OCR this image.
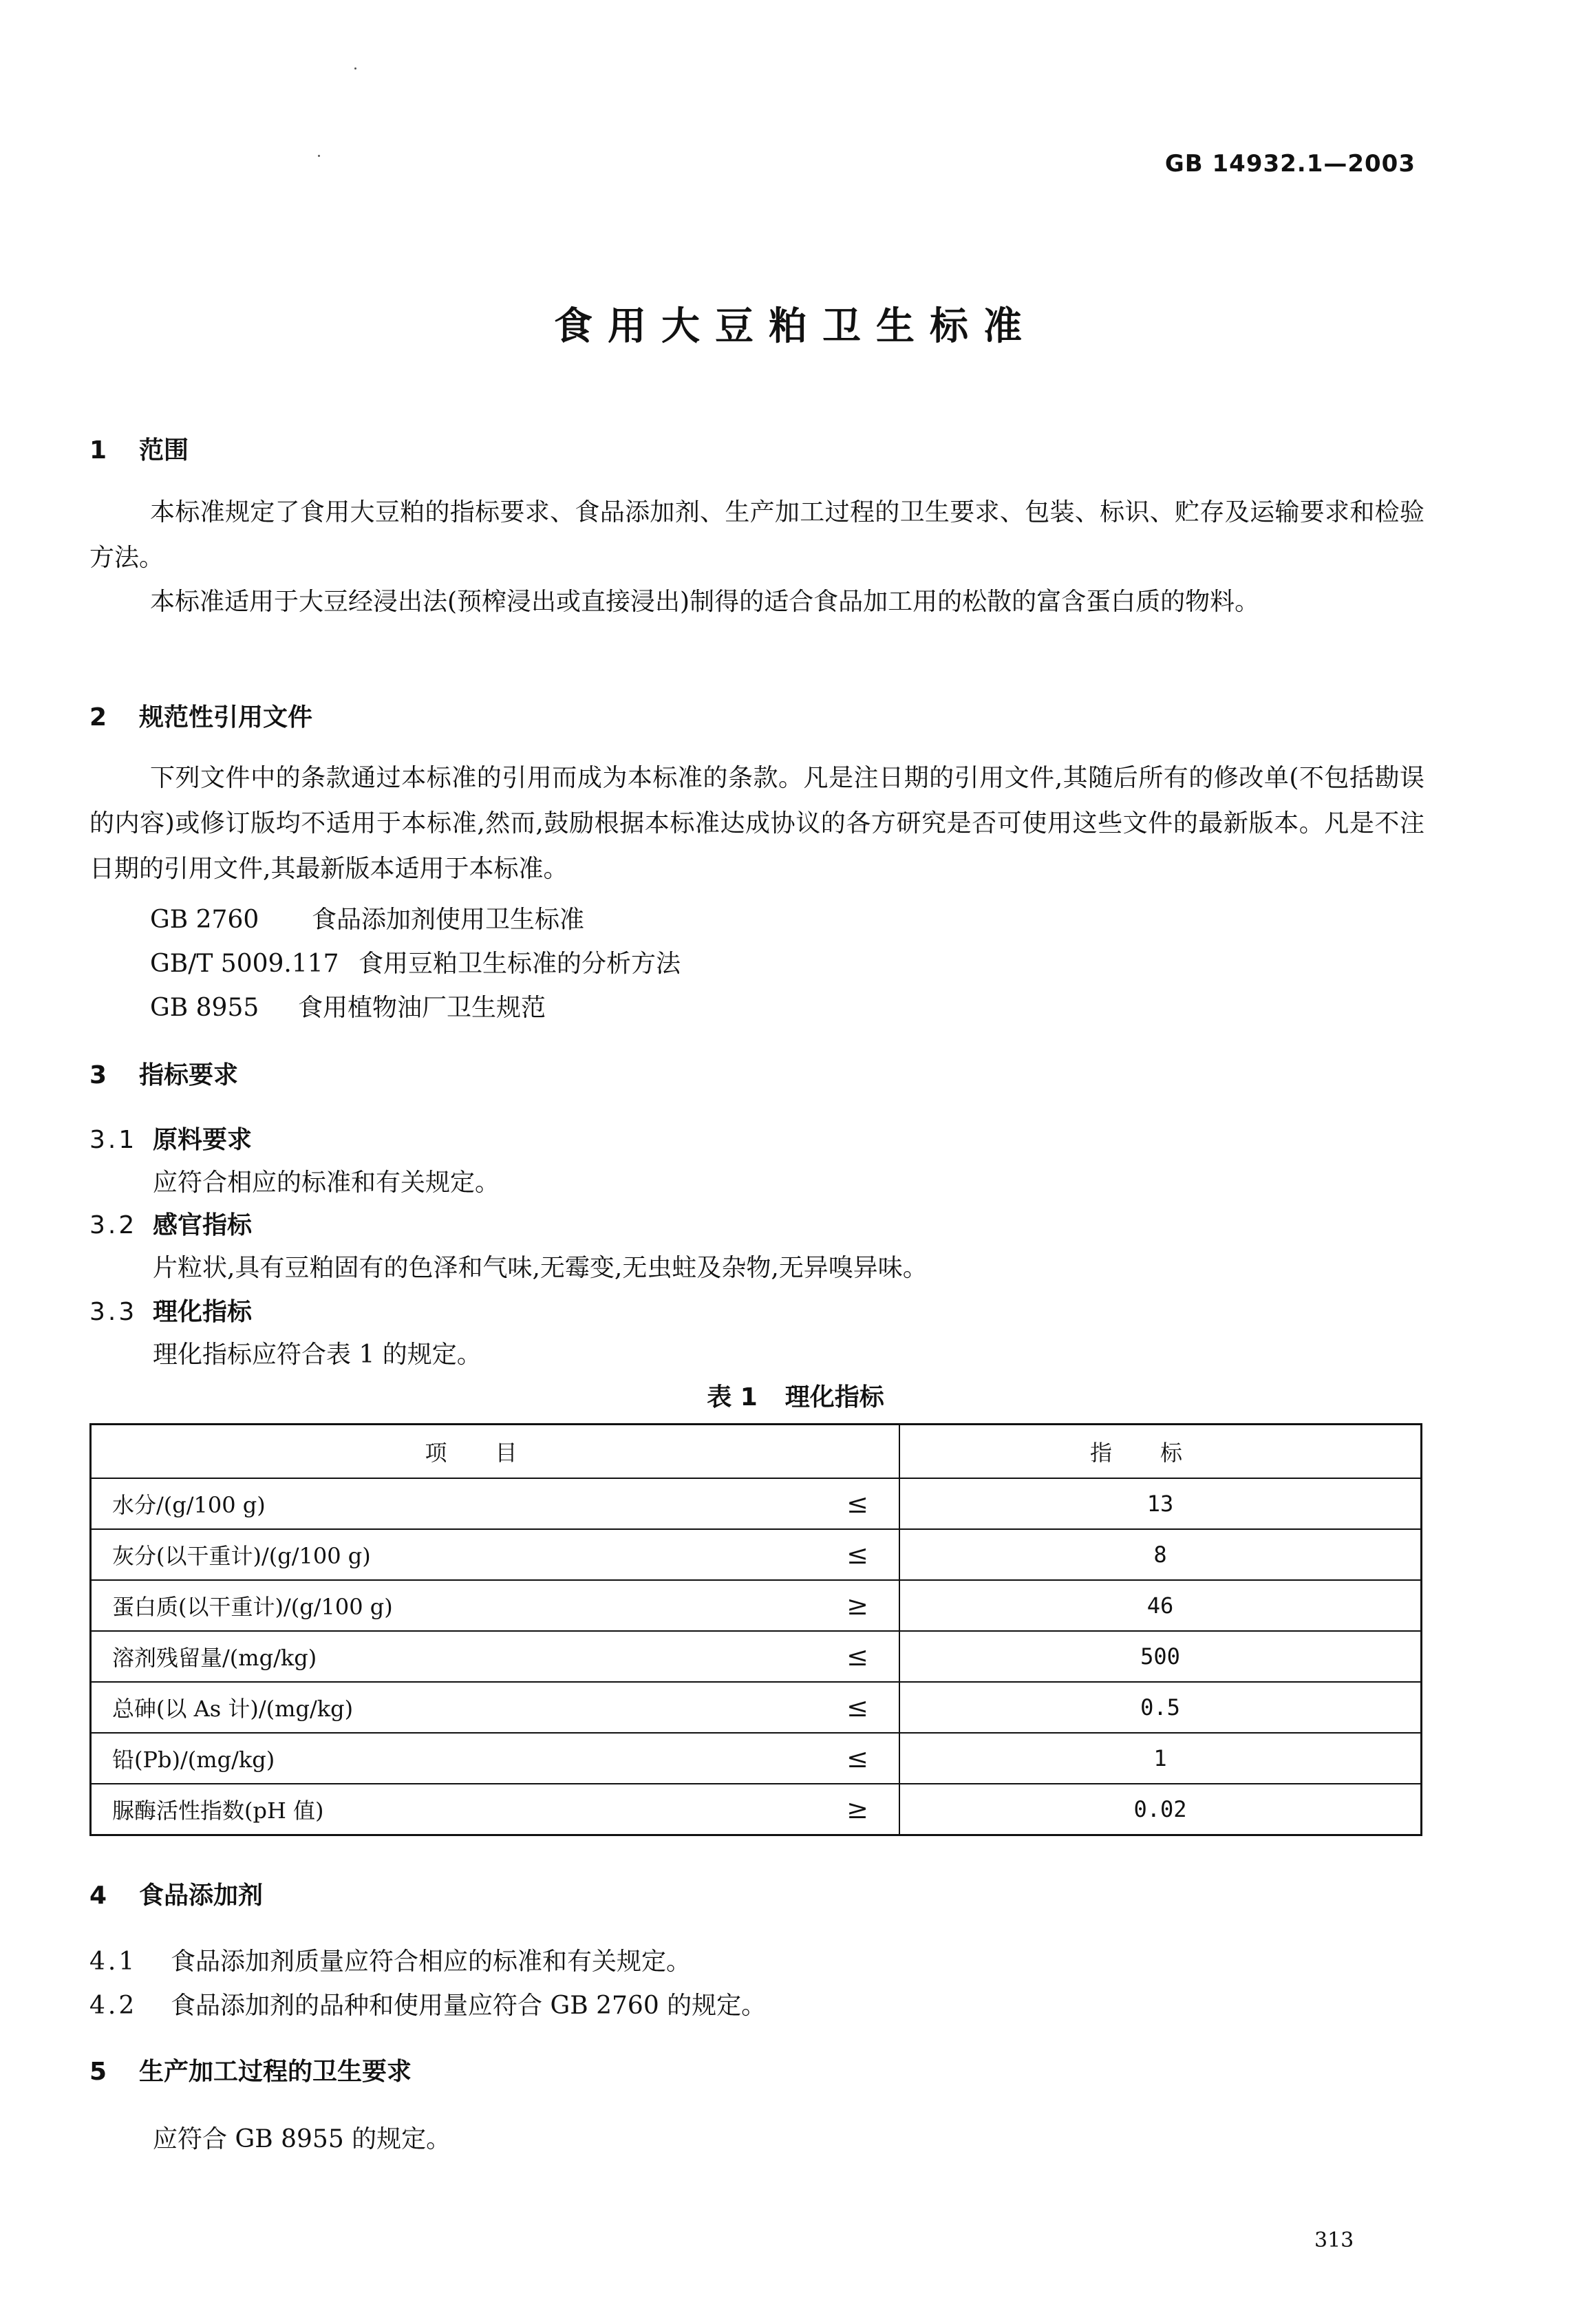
GB 14932.1—2003
食用大豆粕卫生标准
1 范围
本标准规定了食用大豆粕的指标要求、食品添加剂、生产加工过程的卫生要求、包装、标识、贮存及运输要求和检验方法。
本标准适用于大豆经浸出法(预榨浸出或直接浸出)制得的适合食品加工用的松散的富含蛋白质的物料。
2 规范性引用文件
下列文件中的条款通过本标准的引用而成为本标准的条款。凡是注日期的引用文件,其随后所有的修改单(不包括勘误的内容)或修订版均不适用于本标准,然而,鼓励根据本标准达成协议的各方研究是否可使用这些文件的最新版本。凡是不注日期的引用文件,其最新版本适用于本标准。
GB 2760 食品添加剂使用卫生标准
GB/T 5009.117 食用豆粕卫生标准的分析方法
GB 8955 食用植物油厂卫生规范
3 指标要求
3.1 原料要求
应符合相应的标准和有关规定。
3.2 感官指标
片粒状,具有豆粕固有的色泽和气味,无霉变,无虫蛀及杂物,无异嗅异味。
3.3 理化指标
理化指标应符合表 1 的规定。
表 1 理化指标
项目		指标
水分/(g/100 g)	≤	13
灰分(以干重计)/(g/100 g)	≤	8
蛋白质(以干重计)/(g/100 g)	≥	46
溶剂残留量/(mg/kg)	≤	500
总砷(以 As 计)/(mg/kg)	≤	0.5
铅(Pb)/(mg/kg)	≤	1
脲酶活性指数(pH 值)	≥	0.02
4 食品添加剂
4.1 食品添加剂质量应符合相应的标准和有关规定。
4.2 食品添加剂的品种和使用量应符合 GB 2760 的规定。
5 生产加工过程的卫生要求
应符合 GB 8955 的规定。
313
